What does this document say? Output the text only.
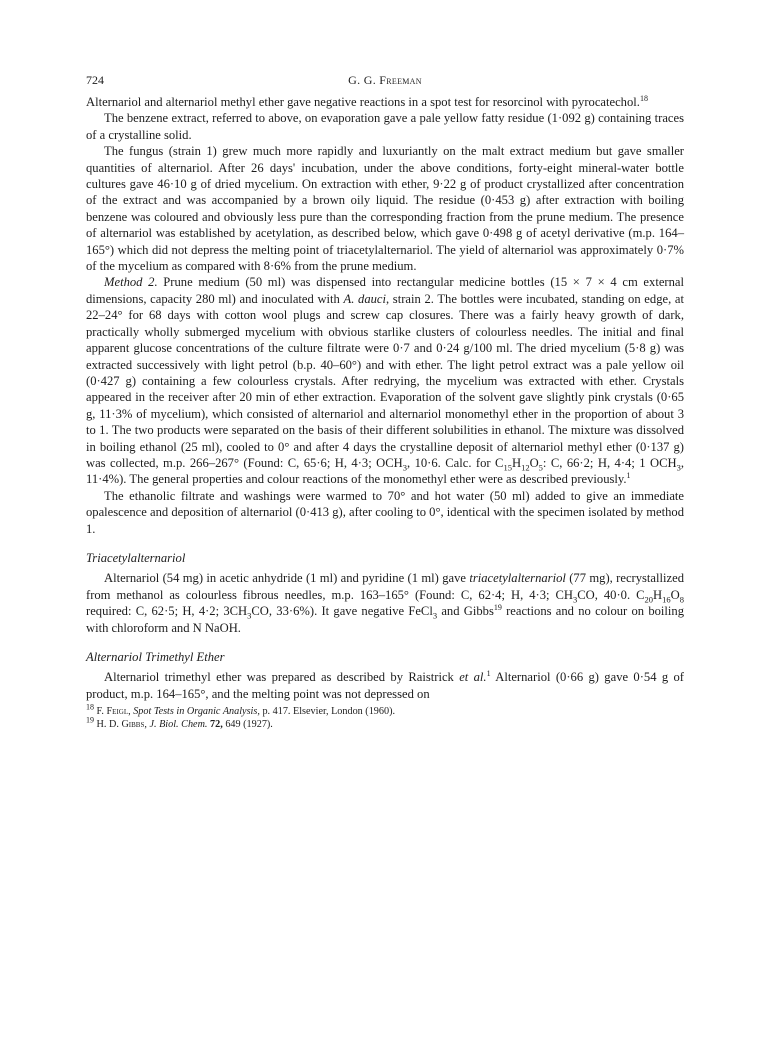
724	G. G. Freeman

Alternariol and alternariol methyl ether gave negative reactions in a spot test for resorcinol with pyrocatechol.$^{18}$

The benzene extract, referred to above, on evaporation gave a pale yellow fatty residue (1·092 g) containing traces of a crystalline solid.

The fungus (strain 1) grew much more rapidly and luxuriantly on the malt extract medium but gave smaller quantities of alternariol. After 26 days' incubation, under the above conditions, forty-eight mineral-water bottle cultures gave 46·10 g of dried mycelium. On extraction with ether, 9·22 g of product crystallized after concentration of the extract and was accompanied by a brown oily liquid. The residue (0·453 g) after extraction with boiling benzene was coloured and obviously less pure than the corresponding fraction from the prune medium. The presence of alternariol was established by acetylation, as described below, which gave 0·498 g of acetyl derivative (m.p. 164–165°) which did not depress the melting point of triacetylalternariol. The yield of alternariol was approximately 0·7% of the mycelium as compared with 8·6% from the prune medium.

Method 2. Prune medium (50 ml) was dispensed into rectangular medicine bottles (15 × 7 × 4 cm external dimensions, capacity 280 ml) and inoculated with A. dauci, strain 2. The bottles were incubated, standing on edge, at 22–24° for 68 days with cotton wool plugs and screw cap closures. There was a fairly heavy growth of dark, practically wholly submerged mycelium with obvious starlike clusters of colourless needles. The initial and final apparent glucose concentrations of the culture filtrate were 0·7 and 0·24 g/100 ml. The dried mycelium (5·8 g) was extracted successively with light petrol (b.p. 40–60°) and with ether. The light petrol extract was a pale yellow oil (0·427 g) containing a few colourless crystals. After redrying, the mycelium was extracted with ether. Crystals appeared in the receiver after 20 min of ether extraction. Evaporation of the solvent gave slightly pink crystals (0·65 g, 11·3% of mycelium), which consisted of alternariol and alternariol monomethyl ether in the proportion of about 3 to 1. The two products were separated on the basis of their different solubilities in ethanol. The mixture was dissolved in boiling ethanol (25 ml), cooled to 0° and after 4 days the crystalline deposit of alternariol methyl ether (0·137 g) was collected, m.p. 266–267° (Found: C, 65·6; H, 4·3; $OCH_3$, 10·6. Calc. for $C_{15}H_{12}O_5$: C, 66·2; H, 4·4; 1 $OCH_3$, 11·4%). The general properties and colour reactions of the monomethyl ether were as described previously.$^1$

The ethanolic filtrate and washings were warmed to 70° and hot water (50 ml) added to give an immediate opalescence and deposition of alternariol (0·413 g), after cooling to 0°, identical with the specimen isolated by method 1.

Triacetylalternariol

Alternariol (54 mg) in acetic anhydride (1 ml) and pyridine (1 ml) gave triacetylalternariol (77 mg), recrystallized from methanol as colourless fibrous needles, m.p. 163–165° (Found: C, 62·4; H, 4·3; $CH_3CO$, 40·0. $C_{20}H_{16}O_8$ required: C, 62·5; H, 4·2; $3CH_3CO$, 33·6%). It gave negative FeCl$_3$ and Gibbs$^{19}$ reactions and no colour on boiling with chloroform and N NaOH.

Alternariol Trimethyl Ether

Alternariol trimethyl ether was prepared as described by Raistrick et al.$^1$ Alternariol (0·66 g) gave 0·54 g of product, m.p. 164–165°, and the melting point was not depressed on

$^{18}$ F. Feigl, Spot Tests in Organic Analysis, p. 417. Elsevier, London (1960).
$^{19}$ H. D. Gibbs, J. Biol. Chem. 72, 649 (1927).
